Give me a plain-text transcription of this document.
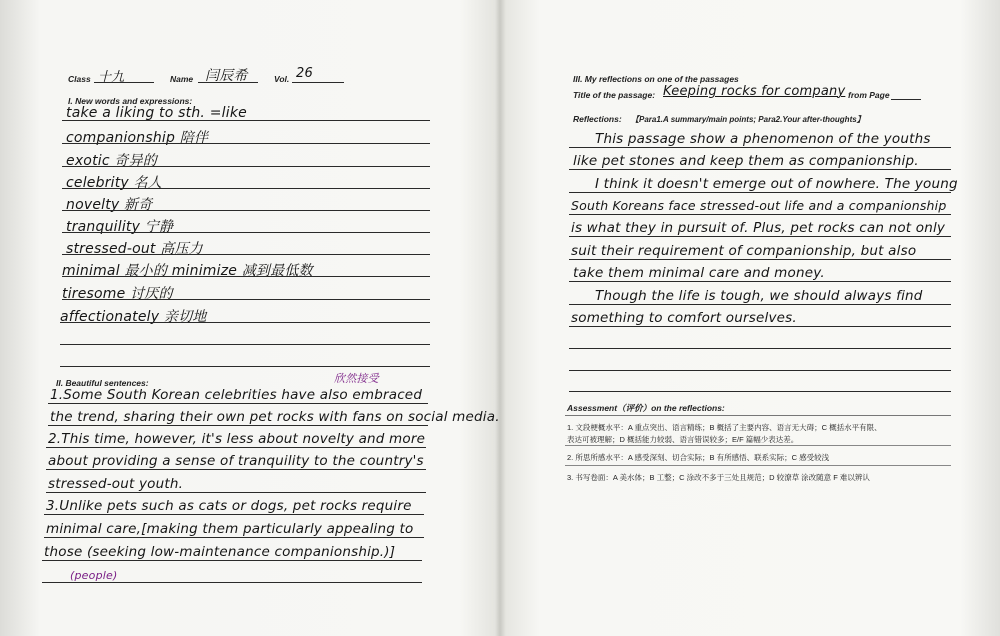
Class 十九	Name 闫辰希	Vol. 26
I. New words and expressions:
take a liking to sth. =like
companionship 陪伴
exotic 奇异的
celebrity 名人
novelty 新奇
tranquility 宁静
stressed-out 高压力
minimal 最小的 minimize 减到最低数
tiresome 讨厌的
affectionately 亲切地
II. Beautiful sentences:	欣然接受
1.Some South Korean celebrities have also embraced
the trend, sharing their own pet rocks with fans on social media.
2.This time, however, it's less about novelty and more
about providing a sense of tranquility to the country's
stressed-out youth.
3.Unlike pets such as cats or dogs, pet rocks require
minimal care,[making them particularly appealing to
those (seeking low-maintenance companionship.)]
(people)
III. My reflections on one of the passages
Title of the passage: Keeping rocks for company from Page
Reflections: 【Para1.A summary/main points; Para2.Your after-thoughts】
This passage show a phenomenon of the youths
like pet stones and keep them as companionship.
I think it doesn't emerge out of nowhere. The young
South Koreans face stressed-out life and a companionship
is what they in pursuit of. Plus, pet rocks can not only
suit their requirement of companionship, but also
take them minimal care and money.
Though the life is tough, we should always find
something to comfort ourselves.
Assessment（评价）on the reflections:
1. 文段梗概水平：A 重点突出、语言精练；B 概括了主要内容、语言无大碍；C 概括水平有限、
表达可被理解；D 概括能力较弱、语言错误较多；E/F 篇幅少表达差。
2. 所思所感水平：A 感受深刻、切合实际；B 有所感悟、联系实际；C 感受较浅
3. 书写卷面：A 美水体；B 工整；C 涂改不多于三处且规范；D 较潦草 涂改随意 F 难以辨认
